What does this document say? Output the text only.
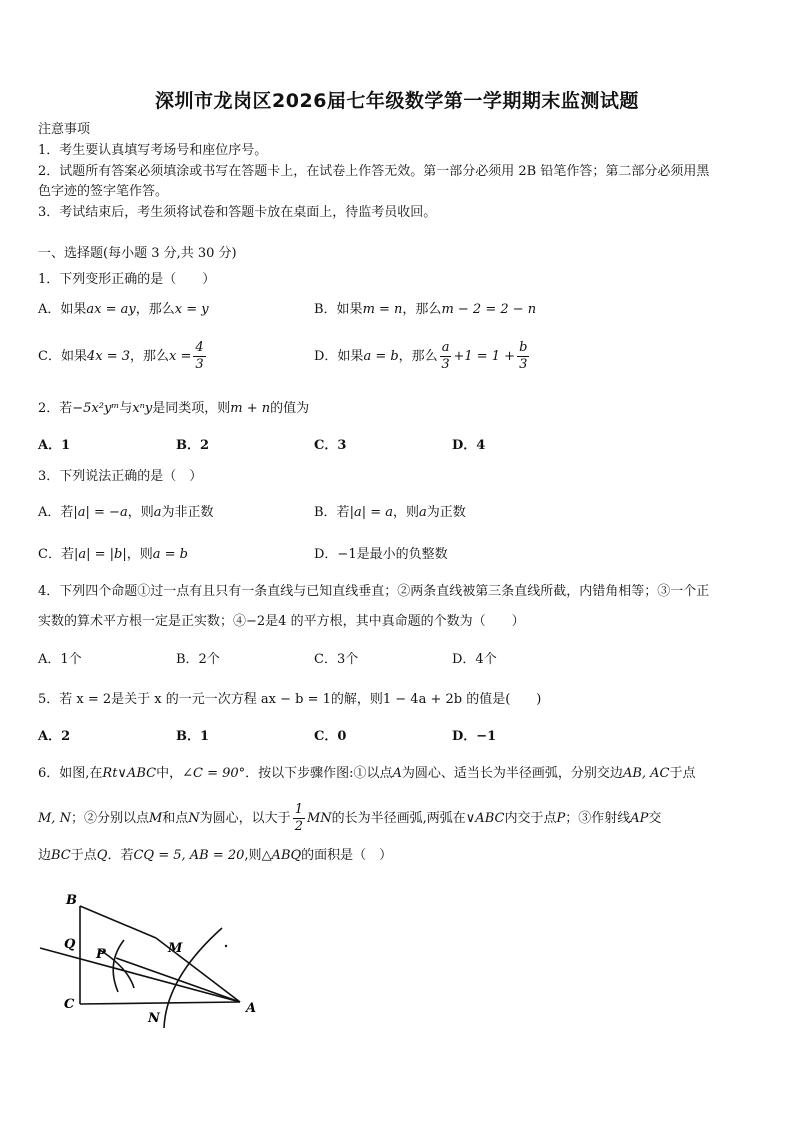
深圳市龙岗区2026届七年级数学第一学期期末监测试题
注意事项
1．考生要认真填写考场号和座位序号。
2．试题所有答案必须填涂或书写在答题卡上，在试卷上作答无效。第一部分必须用 2B 铅笔作答；第二部分必须用黑
色字迹的签字笔作答。
3．考试结束后，考生须将试卷和答题卡放在桌面上，待监考员收回。
一、选择题(每小题 3 分,共 30 分)
1．下列变形正确的是（　　）
A．如果ax = ay，那么x = y	B．如果m = n，那么m − 2 = 2 − n
C．如果4x = 3，那么$x = \frac{4}{3}$	D．如果a = b，那么 $\frac{a}{3} +1 = 1 + \frac{b}{3}$
2．若−5x²yᵐ与xⁿy是同类项，则m + n的值为
A．1	B．2	C．3	D．4
3．下列说法正确的是（　）
A．若|a| = −a，则a为非正数	B．若|a| = a，则a为正数
C．若|a| = |b|，则a = b	D．−1是最小的负整数
4．下列四个命题①过一点有且只有一条直线与已知直线垂直；②两条直线被第三条直线所截，内错角相等；③一个正
实数的算术平方根一定是正实数；④−2是4 的平方根，其中真命题的个数为（　　）
A．1个	B．2个	C．3个	D．4个
5．若 x = 2是关于 x 的一元一次方程 ax − b = 1的解，则1 − 4a + 2b 的值是(　　)
A．2	B．1	C．0	D．−1
6．如图,在Rt∨ABC中，∠C = 90°．按以下步骤作图:①以点A为圆心、适当长为半径画弧，分别交边AB, AC于点
M, N；②分别以点M和点N为圆心，以大于 $\frac{1}{2}$ MN的长为半径画弧,两弧在∨ABC内交于点P；③作射线AP交
边BC于点Q．若CQ = 5, AB = 20,则△ABQ的面积是（　）
B
Q
P	M
C
N
A
